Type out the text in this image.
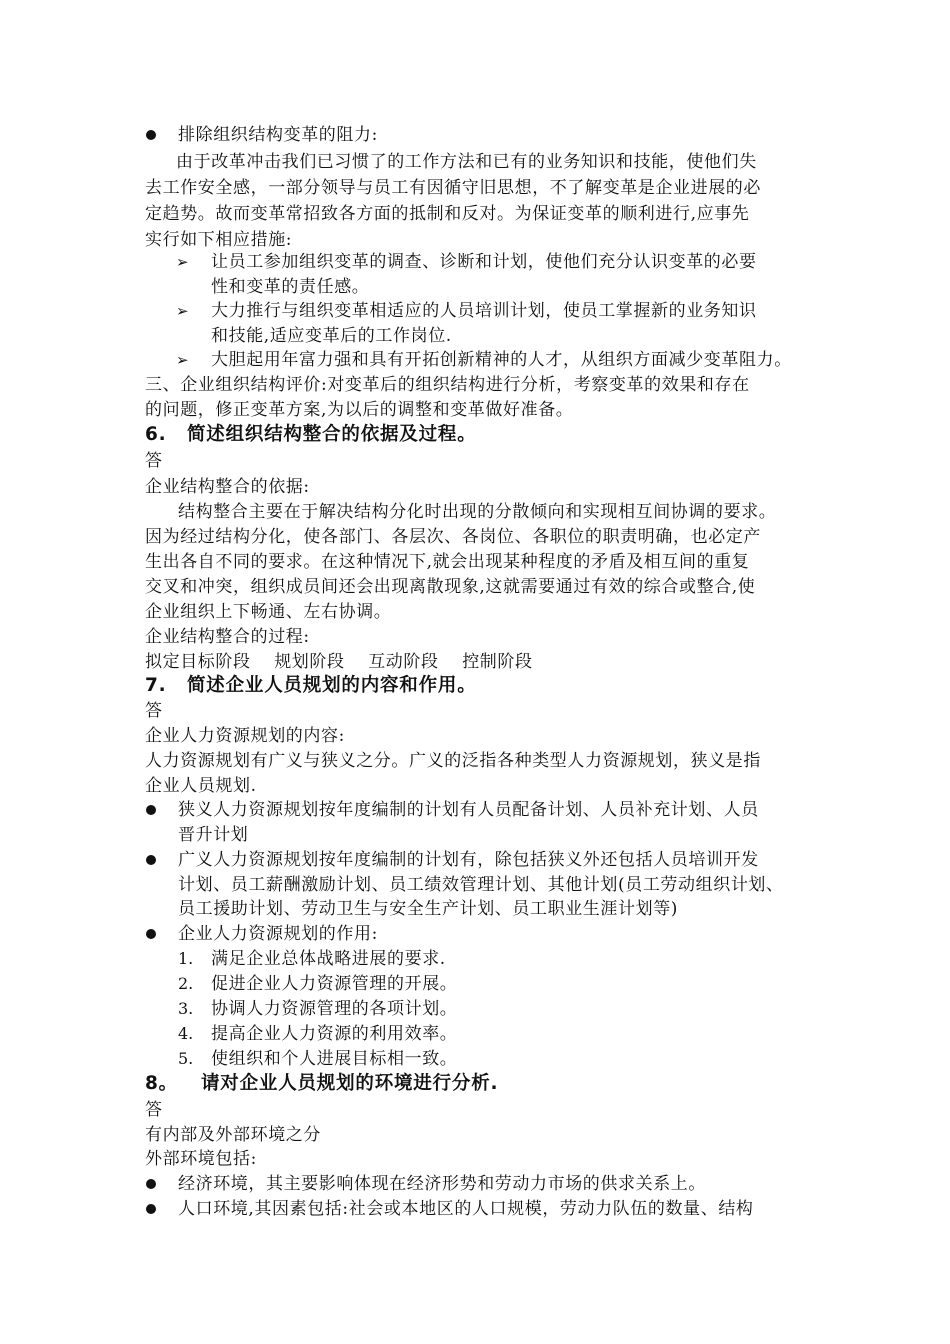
排除组织结构变革的阻力:
由于改革冲击我们已习惯了的工作方法和已有的业务知识和技能，使他们失
去工作安全感，一部分领导与员工有因循守旧思想，不了解变革是企业进展的必
定趋势。故而变革常招致各方面的抵制和反对。为保证变革的顺利进行,应事先
实行如下相应措施:
➢ 让员工参加组织变革的调查、诊断和计划，使他们充分认识变革的必要
性和变革的责任感。
➢ 大力推行与组织变革相适应的人员培训计划，使员工掌握新的业务知识
和技能,适应变革后的工作岗位.
➢ 大胆起用年富力强和具有开拓创新精神的人才，从组织方面减少变革阻力。
三、企业组织结构评价:对变革后的组织结构进行分析，考察变革的效果和存在
的问题，修正变革方案,为以后的调整和变革做好准备。
6. 简述组织结构整合的依据及过程。
答
企业结构整合的依据:
结构整合主要在于解决结构分化时出现的分散倾向和实现相互间协调的要求。
因为经过结构分化，使各部门、各层次、各岗位、各职位的职责明确，也必定产
生出各自不同的要求。在这种情况下,就会出现某种程度的矛盾及相互间的重复
交叉和冲突，组织成员间还会出现离散现象,这就需要通过有效的综合或整合,使
企业组织上下畅通、左右协调。
企业结构整合的过程:
拟定目标阶段　 规划阶段　 互动阶段　 控制阶段
7. 简述企业人员规划的内容和作用。
答
企业人力资源规划的内容:
人力资源规划有广义与狭义之分。广义的泛指各种类型人力资源规划，狭义是指
企业人员规划.
狭义人力资源规划按年度编制的计划有人员配备计划、人员补充计划、人员
晋升计划
广义人力资源规划按年度编制的计划有，除包括狭义外还包括人员培训开发
计划、员工薪酬激励计划、员工绩效管理计划、其他计划(员工劳动组织计划、
员工援助计划、劳动卫生与安全生产计划、员工职业生涯计划等)
企业人力资源规划的作用:
1. 满足企业总体战略进展的要求.
2. 促进企业人力资源管理的开展。
3. 协调人力资源管理的各项计划。
4. 提高企业人力资源的利用效率。
5. 使组织和个人进展目标相一致。
8。 请对企业人员规划的环境进行分析.
答
有内部及外部环境之分
外部环境包括:
经济环境，其主要影响体现在经济形势和劳动力市场的供求关系上。
人口环境,其因素包括:社会或本地区的人口规模，劳动力队伍的数量、结构
